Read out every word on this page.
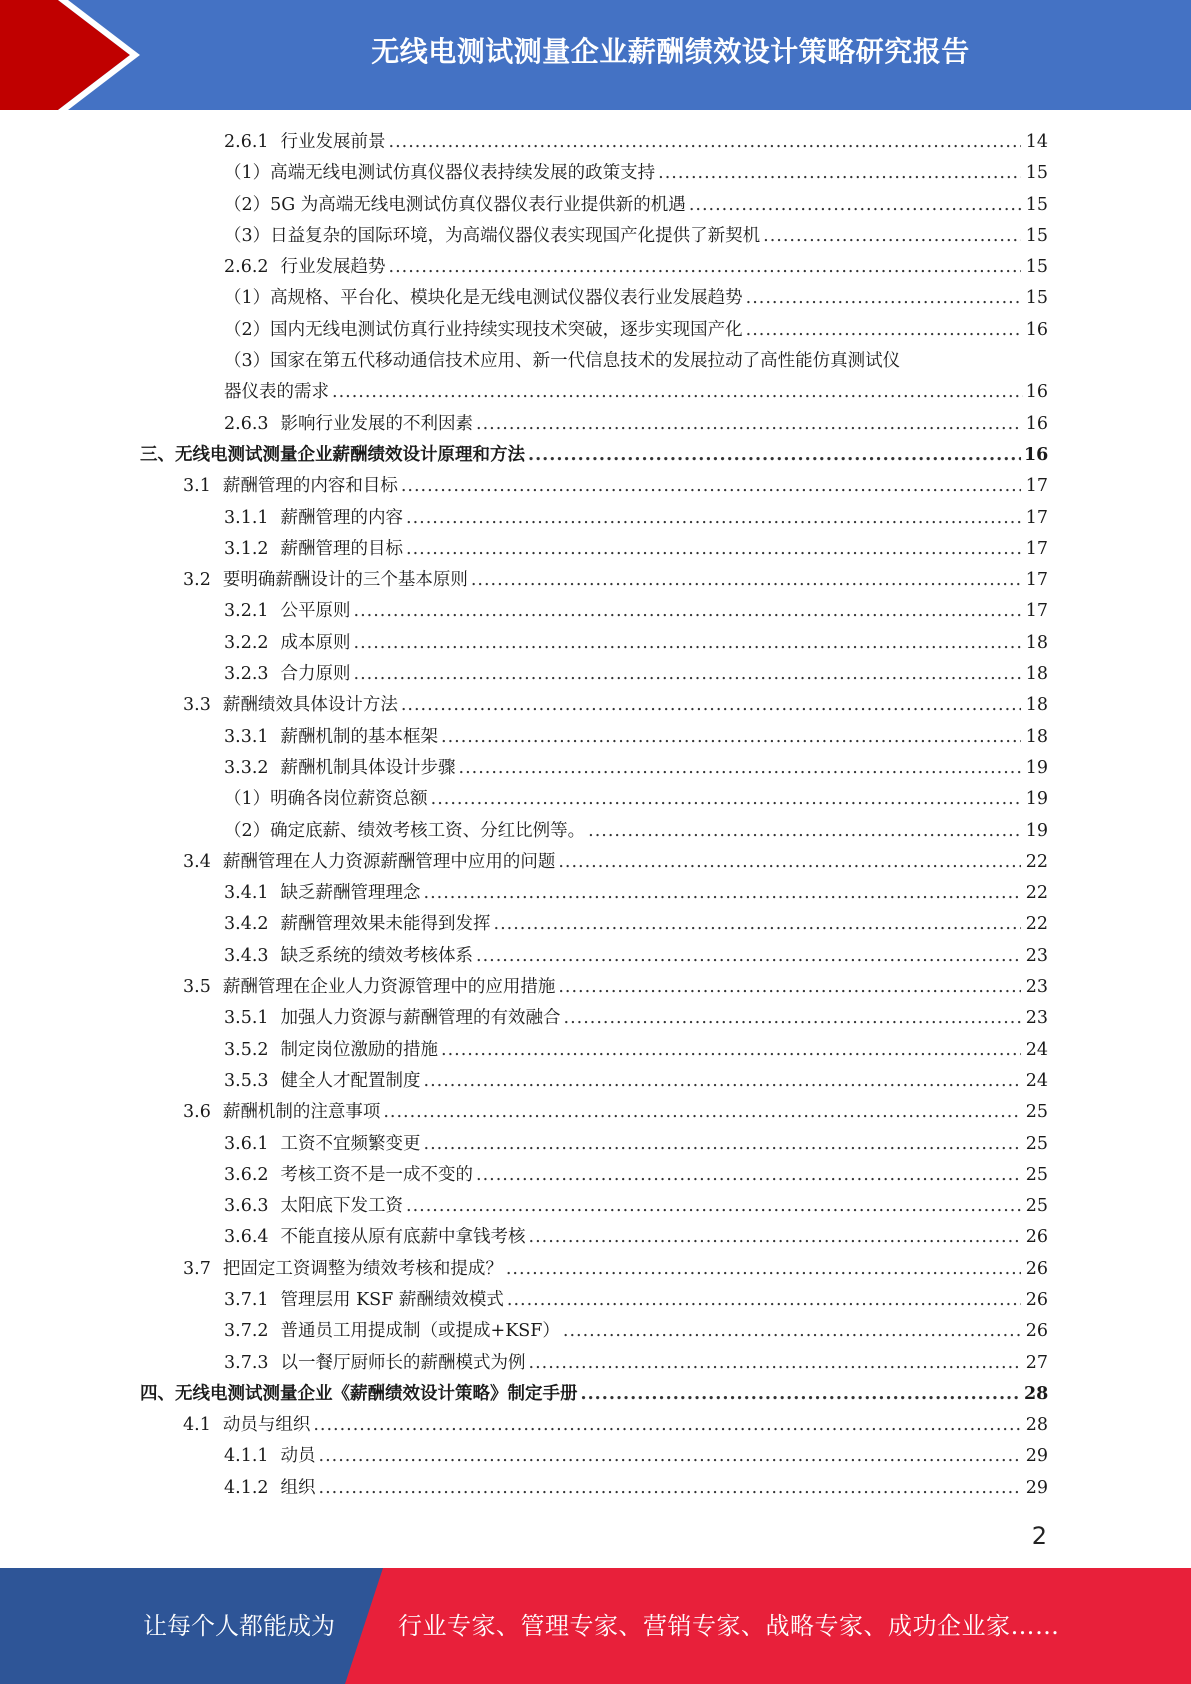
无线电测试测量企业薪酬绩效设计策略研究报告
2.6.1 行业发展前景 .....	14
（1）高端无线电测试仿真仪器仪表持续发展的政策支持 .....	15
（2）5G 为高端无线电测试仿真仪器仪表行业提供新的机遇 .....	15
（3）日益复杂的国际环境，为高端仪器仪表实现国产化提供了新契机 .....	15
2.6.2 行业发展趋势 .....	15
（1）高规格、平台化、模块化是无线电测试仪器仪表行业发展趋势 .....	15
（2）国内无线电测试仿真行业持续实现技术突破，逐步实现国产化 .....	16
（3）国家在第五代移动通信技术应用、新一代信息技术的发展拉动了高性能仿真测试仪
器仪表的需求 .....	16
2.6.3 影响行业发展的不利因素 .....	16
三、无线电测试测量企业薪酬绩效设计原理和方法 .....	16
3.1 薪酬管理的内容和目标 .....	17
3.1.1 薪酬管理的内容 .....	17
3.1.2 薪酬管理的目标 .....	17
3.2 要明确薪酬设计的三个基本原则 .....	17
3.2.1 公平原则 .....	17
3.2.2 成本原则 .....	18
3.2.3 合力原则 .....	18
3.3 薪酬绩效具体设计方法 .....	18
3.3.1 薪酬机制的基本框架 .....	18
3.3.2 薪酬机制具体设计步骤 .....	19
（1）明确各岗位薪资总额 .....	19
（2）确定底薪、绩效考核工资、分红比例等。 .....	19
3.4 薪酬管理在人力资源薪酬管理中应用的问题 .....	22
3.4.1 缺乏薪酬管理理念 .....	22
3.4.2 薪酬管理效果未能得到发挥 .....	22
3.4.3 缺乏系统的绩效考核体系 .....	23
3.5 薪酬管理在企业人力资源管理中的应用措施 .....	23
3.5.1 加强人力资源与薪酬管理的有效融合 .....	23
3.5.2 制定岗位激励的措施 .....	24
3.5.3 健全人才配置制度 .....	24
3.6 薪酬机制的注意事项 .....	25
3.6.1 工资不宜频繁变更 .....	25
3.6.2 考核工资不是一成不变的 .....	25
3.6.3 太阳底下发工资 .....	25
3.6.4 不能直接从原有底薪中拿钱考核 .....	26
3.7 把固定工资调整为绩效考核和提成？ .....	26
3.7.1 管理层用 KSF 薪酬绩效模式 .....	26
3.7.2 普通员工用提成制（或提成+KSF） .....	26
3.7.3 以一餐厅厨师长的薪酬模式为例 .....	27
四、无线电测试测量企业《薪酬绩效设计策略》制定手册 .....	28
4.1 动员与组织 .....	28
4.1.1 动员 .....	29
4.1.2 组织 .....	29
2
让每个人都能成为	行业专家、管理专家、营销专家、战略专家、成功企业家……
